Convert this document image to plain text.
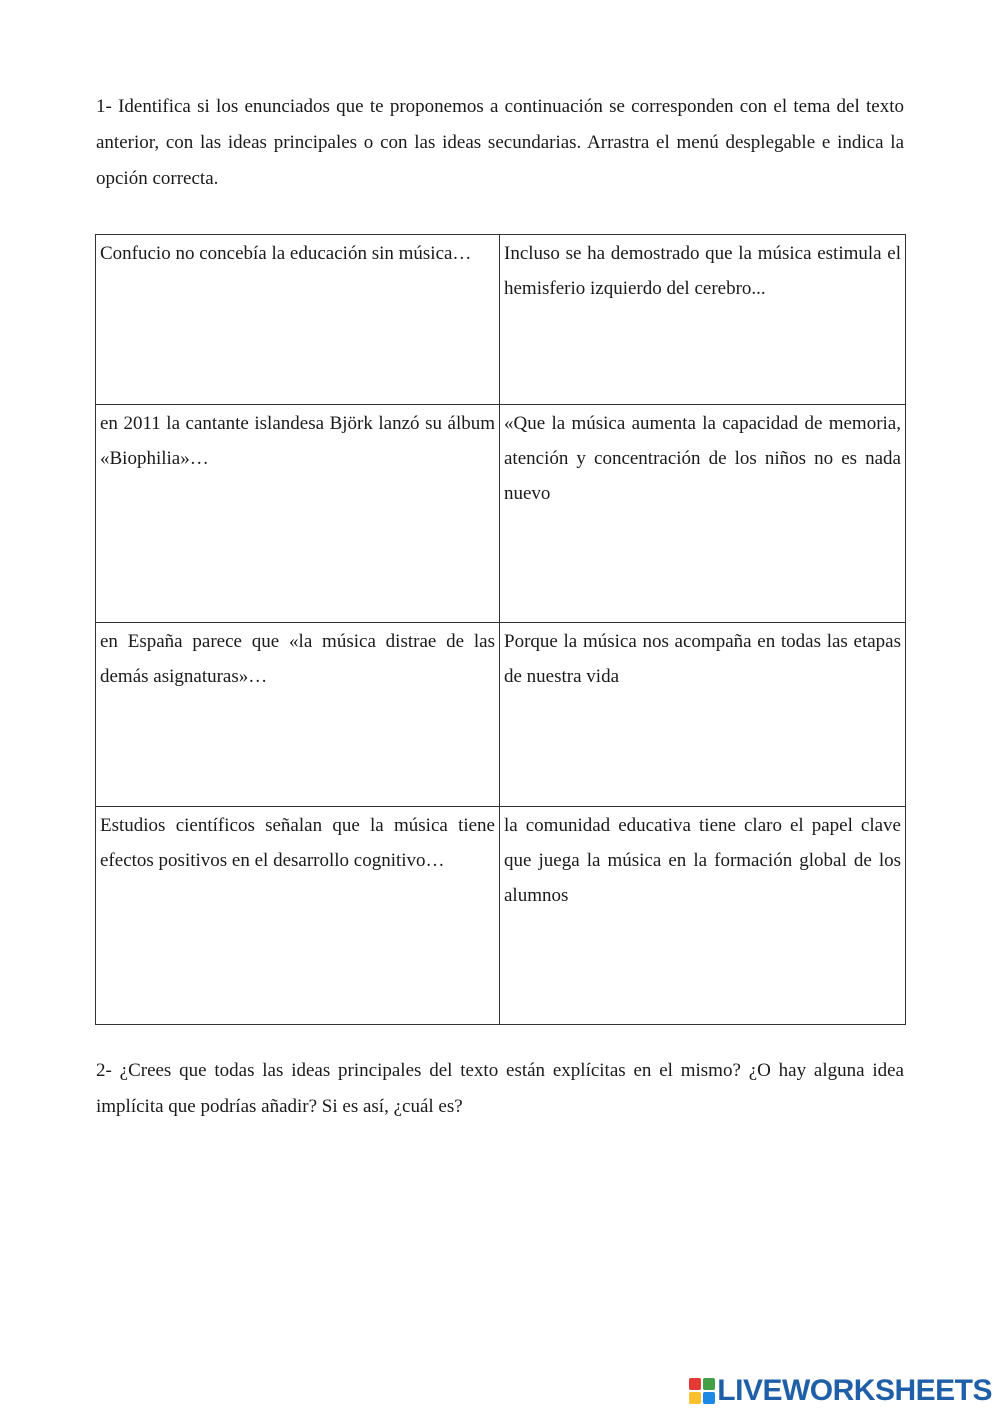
1- Identifica si los enunciados que te proponemos a continuación se corresponden con el tema del texto anterior, con las ideas principales o con las ideas secundarias. Arrastra el menú desplegable e indica la opción correcta.

Confucio no concebía la educación sin música…	Incluso se ha demostrado que la música estimula el hemisferio izquierdo del cerebro...

en 2011 la cantante islandesa Björk lanzó su álbum «Biophilia»…	«Que la música aumenta la capacidad de memoria, atención y concentración de los niños no es nada nuevo

en España parece que «la música distrae de las demás asignaturas»…	Porque la música nos acompaña en todas las etapas de nuestra vida

Estudios científicos señalan que la música tiene efectos positivos en el desarrollo cognitivo…	la comunidad educativa tiene claro el papel clave que juega la música en la formación global de los alumnos

2- ¿Crees que todas las ideas principales del texto están explícitas en el mismo? ¿O hay alguna idea implícita que podrías añadir? Si es así, ¿cuál es?

LIVEWORKSHEETS
